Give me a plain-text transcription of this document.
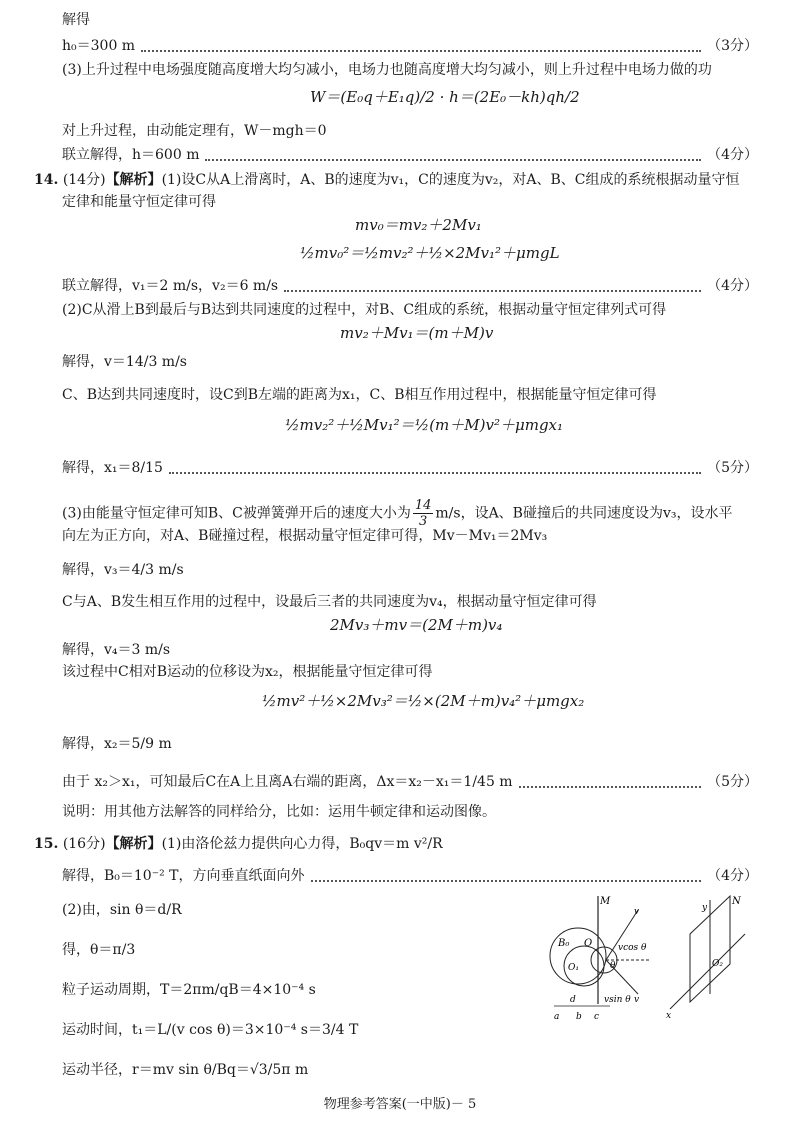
解得
h₀＝300 m	（3分）
(3)上升过程中电场强度随高度增大均匀减小，电场力也随高度增大均匀减小，则上升过程中电场力做的功
W＝(E₀q＋E₁q)/2 · h＝(2E₀－kh)qh/2
对上升过程，由动能定理有，W－mgh＝0
联立解得，h＝600 m	（4分）
14. (14分)【解析】(1)设C从A上滑离时，A、B的速度为v₁，C的速度为v₂，对A、B、C组成的系统根据动量守恒
定律和能量守恒定律可得
mv₀＝mv₂＋2Mv₁
½mv₀²＝½mv₂²＋½×2Mv₁²＋μmgL
联立解得，v₁＝2 m/s，v₂＝6 m/s	（4分）
(2)C从滑上B到最后与B达到共同速度的过程中，对B、C组成的系统，根据动量守恒定律列式可得
mv₂＋Mv₁＝(m＋M)v
解得，v＝14/3 m/s
C、B达到共同速度时，设C到B左端的距离为x₁，C、B相互作用过程中，根据能量守恒定律可得
½mv₂²＋½Mv₁²＝½(m＋M)v²＋μmgx₁
解得，x₁＝8/15	（5分）
(3)由能量守恒定律可知B、C被弹簧弹开后的速度大小为 $\frac{14}{3} m/s$，设A、B碰撞后的共同速度设为v₃，设水平
向左为正方向，对A、B碰撞过程，根据动量守恒定律可得，Mv－Mv₁＝2Mv₃
解得，v₃＝4/3 m/s
C与A、B发生相互作用的过程中，设最后三者的共同速度为v₄，根据动量守恒定律可得
2Mv₃＋mv＝(2M＋m)v₄
解得，v₄＝3 m/s
该过程中C相对B运动的位移设为x₂，根据能量守恒定律可得
½mv²＋½×2Mv₃²＝½×(2M＋m)v₄²＋μmgx₂
解得，x₂＝5/9 m
由于 x₂＞x₁，可知最后C在A上且离A右端的距离，Δx＝x₂－x₁＝1/45 m	（5分）
说明：用其他方法解答的同样给分，比如：运用牛顿定律和运动图像。
15. (16分)【解析】(1)由洛伦兹力提供向心力得，B₀qv＝m v²/R
解得，B₀＝10⁻² T，方向垂直纸面向外	（4分）
(2)由，sin θ＝d/R
得，θ＝π/3
粒子运动周期，T＝2πm/qB＝4×10⁻⁴ s
运动时间，t₁＝L/(v cos θ)＝3×10⁻⁴ s＝3/4 T
运动半径，r＝mv sin θ/Bq＝√3/5π m
M
B₀ O
O₁
v
v
vcos θ
θ
vsin θ
N
y
x
O₂
a
d
b c
物理参考答案(一中版)－ 5
